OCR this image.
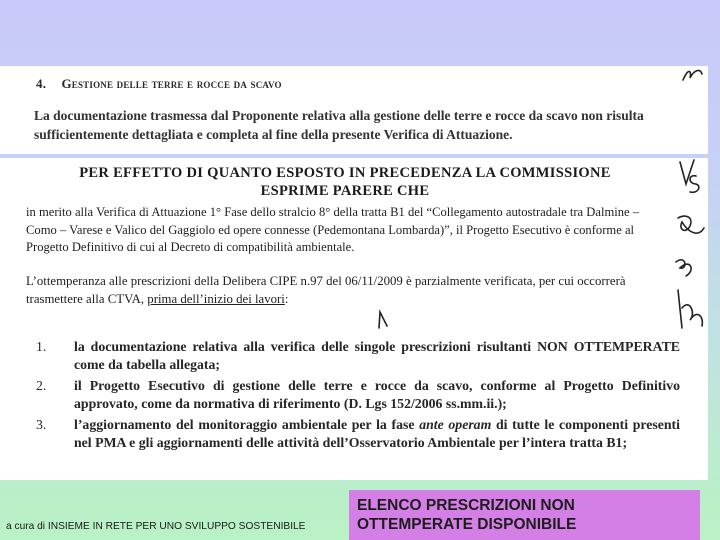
4. Gestione delle terre e rocce da scavo
La documentazione trasmessa dal Proponente relativa alla gestione delle terre e rocce da scavo non risulta sufficientemente dettagliata e completa al fine della presente Verifica di Attuazione.
PER EFFETTO DI QUANTO ESPOSTO IN PRECEDENZA LA COMMISSIONE
ESPRIME PARERE CHE
in merito alla Verifica di Attuazione 1° Fase dello stralcio 8° della tratta B1 del “Collegamento autostradale tra Dalmine – Como – Varese e Valico del Gaggiolo ed opere connesse (Pedemontana Lombarda)”, il Progetto Esecutivo è conforme al Progetto Definitivo di cui al Decreto di compatibilità ambientale.
L’ottemperanza alle prescrizioni della Delibera CIPE n.97 del 06/11/2009 è parzialmente verificata, per cui occorrerà trasmettere alla CTVA, prima dell’inizio dei lavori:
1. la documentazione relativa alla verifica delle singole prescrizioni risultanti NON OTTEMPERATE come da tabella allegata;
2. il Progetto Esecutivo di gestione delle terre e rocce da scavo, conforme al Progetto Definitivo approvato, come da normativa di riferimento (D. Lgs 152/2006 ss.mm.ii.);
3. l’aggiornamento del monitoraggio ambientale per la fase ante operam di tutte le componenti presenti nel PMA e gli aggiornamenti delle attività dell’Osservatorio Ambientale per l’intera tratta B1;
a cura di INSIEME IN RETE PER UNO SVILUPPO SOSTENIBILE
ELENCO PRESCRIZIONI NON
OTTEMPERATE DISPONIBILE
